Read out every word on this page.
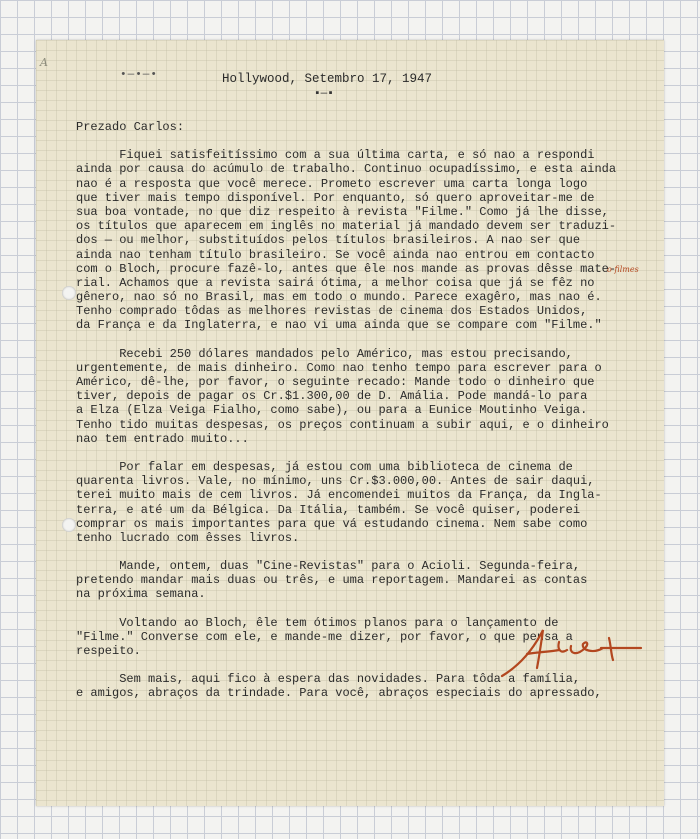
A
•—•—•	Hollywood, Setembro 17, 1947
▪—▪
Prezado Carlos:
Fiquei satisfeitíssimo com a sua última carta, e só nao a respondi
ainda por causa do acúmulo de trabalho. Continuo ocupadíssimo, e esta ainda
nao é a resposta que você merece. Prometo escrever uma carta longa logo
que tiver mais tempo disponível. Por enquanto, só quero aproveitar-me de
sua boa vontade, no que diz respeito à revista "Filme." Como já lhe disse,
os títulos que aparecem em inglês no material já mandado devem ser traduzi-
dos — ou melhor, substituídos pelos títulos brasileiros. A nao ser que
ainda nao tenham título brasileiro. Se você ainda nao entrou em contacto
com o Bloch, procure fazê-lo, antes que êle nos mande as provas dêsse mate-
rial. Achamos que a revista sairá ótima, a melhor coisa que já se fêz no
gênero, nao só no Brasil, mas em todo o mundo. Parece exagêro, mas nao é.
Tenho comprado tôdas as melhores revistas de cinema dos Estados Unidos,
da França e da Inglaterra, e nao vi uma ainda que se compare com "Filme."
Recebi 250 dólares mandados pelo Américo, mas estou precisando,
urgentemente, de mais dinheiro. Como nao tenho tempo para escrever para o
Américo, dê-lhe, por favor, o seguinte recado: Mande todo o dinheiro que
tiver, depois de pagar os Cr.$1.300,00 de D. Amália. Pode mandá-lo para
a Elza (Elza Veiga Fialho, como sabe), ou para a Eunice Moutinho Veiga.
Tenho tido muitas despesas, os preços continuam a subir aqui, e o dinheiro
nao tem entrado muito...
Por falar em despesas, já estou com uma biblioteca de cinema de
quarenta livros. Vale, no mínimo, uns Cr.$3.000,00. Antes de sair daqui,
terei muito mais de cem livros. Já encomendei muitos da França, da Ingla-
terra, e até um da Bélgica. Da Itália, também. Se você quiser, poderei
comprar os mais importantes para que vá estudando cinema. Nem sabe como
tenho lucrado com êsses livros.
Mande, ontem, duas "Cine-Revistas" para o Acioli. Segunda-feira,
pretendo mandar mais duas ou três, e uma reportagem. Mandarei as contas
na próxima semana.
Voltando ao Bloch, êle tem ótimos planos para o lançamento de
"Filme." Converse com ele, e mande-me dizer, por favor, o que pensa a
respeito.
Sem mais, aqui fico à espera das novidades. Para tôda a família,
e amigos, abraços da trindade. Para você, abraços especiais do apressado,
o filmes
